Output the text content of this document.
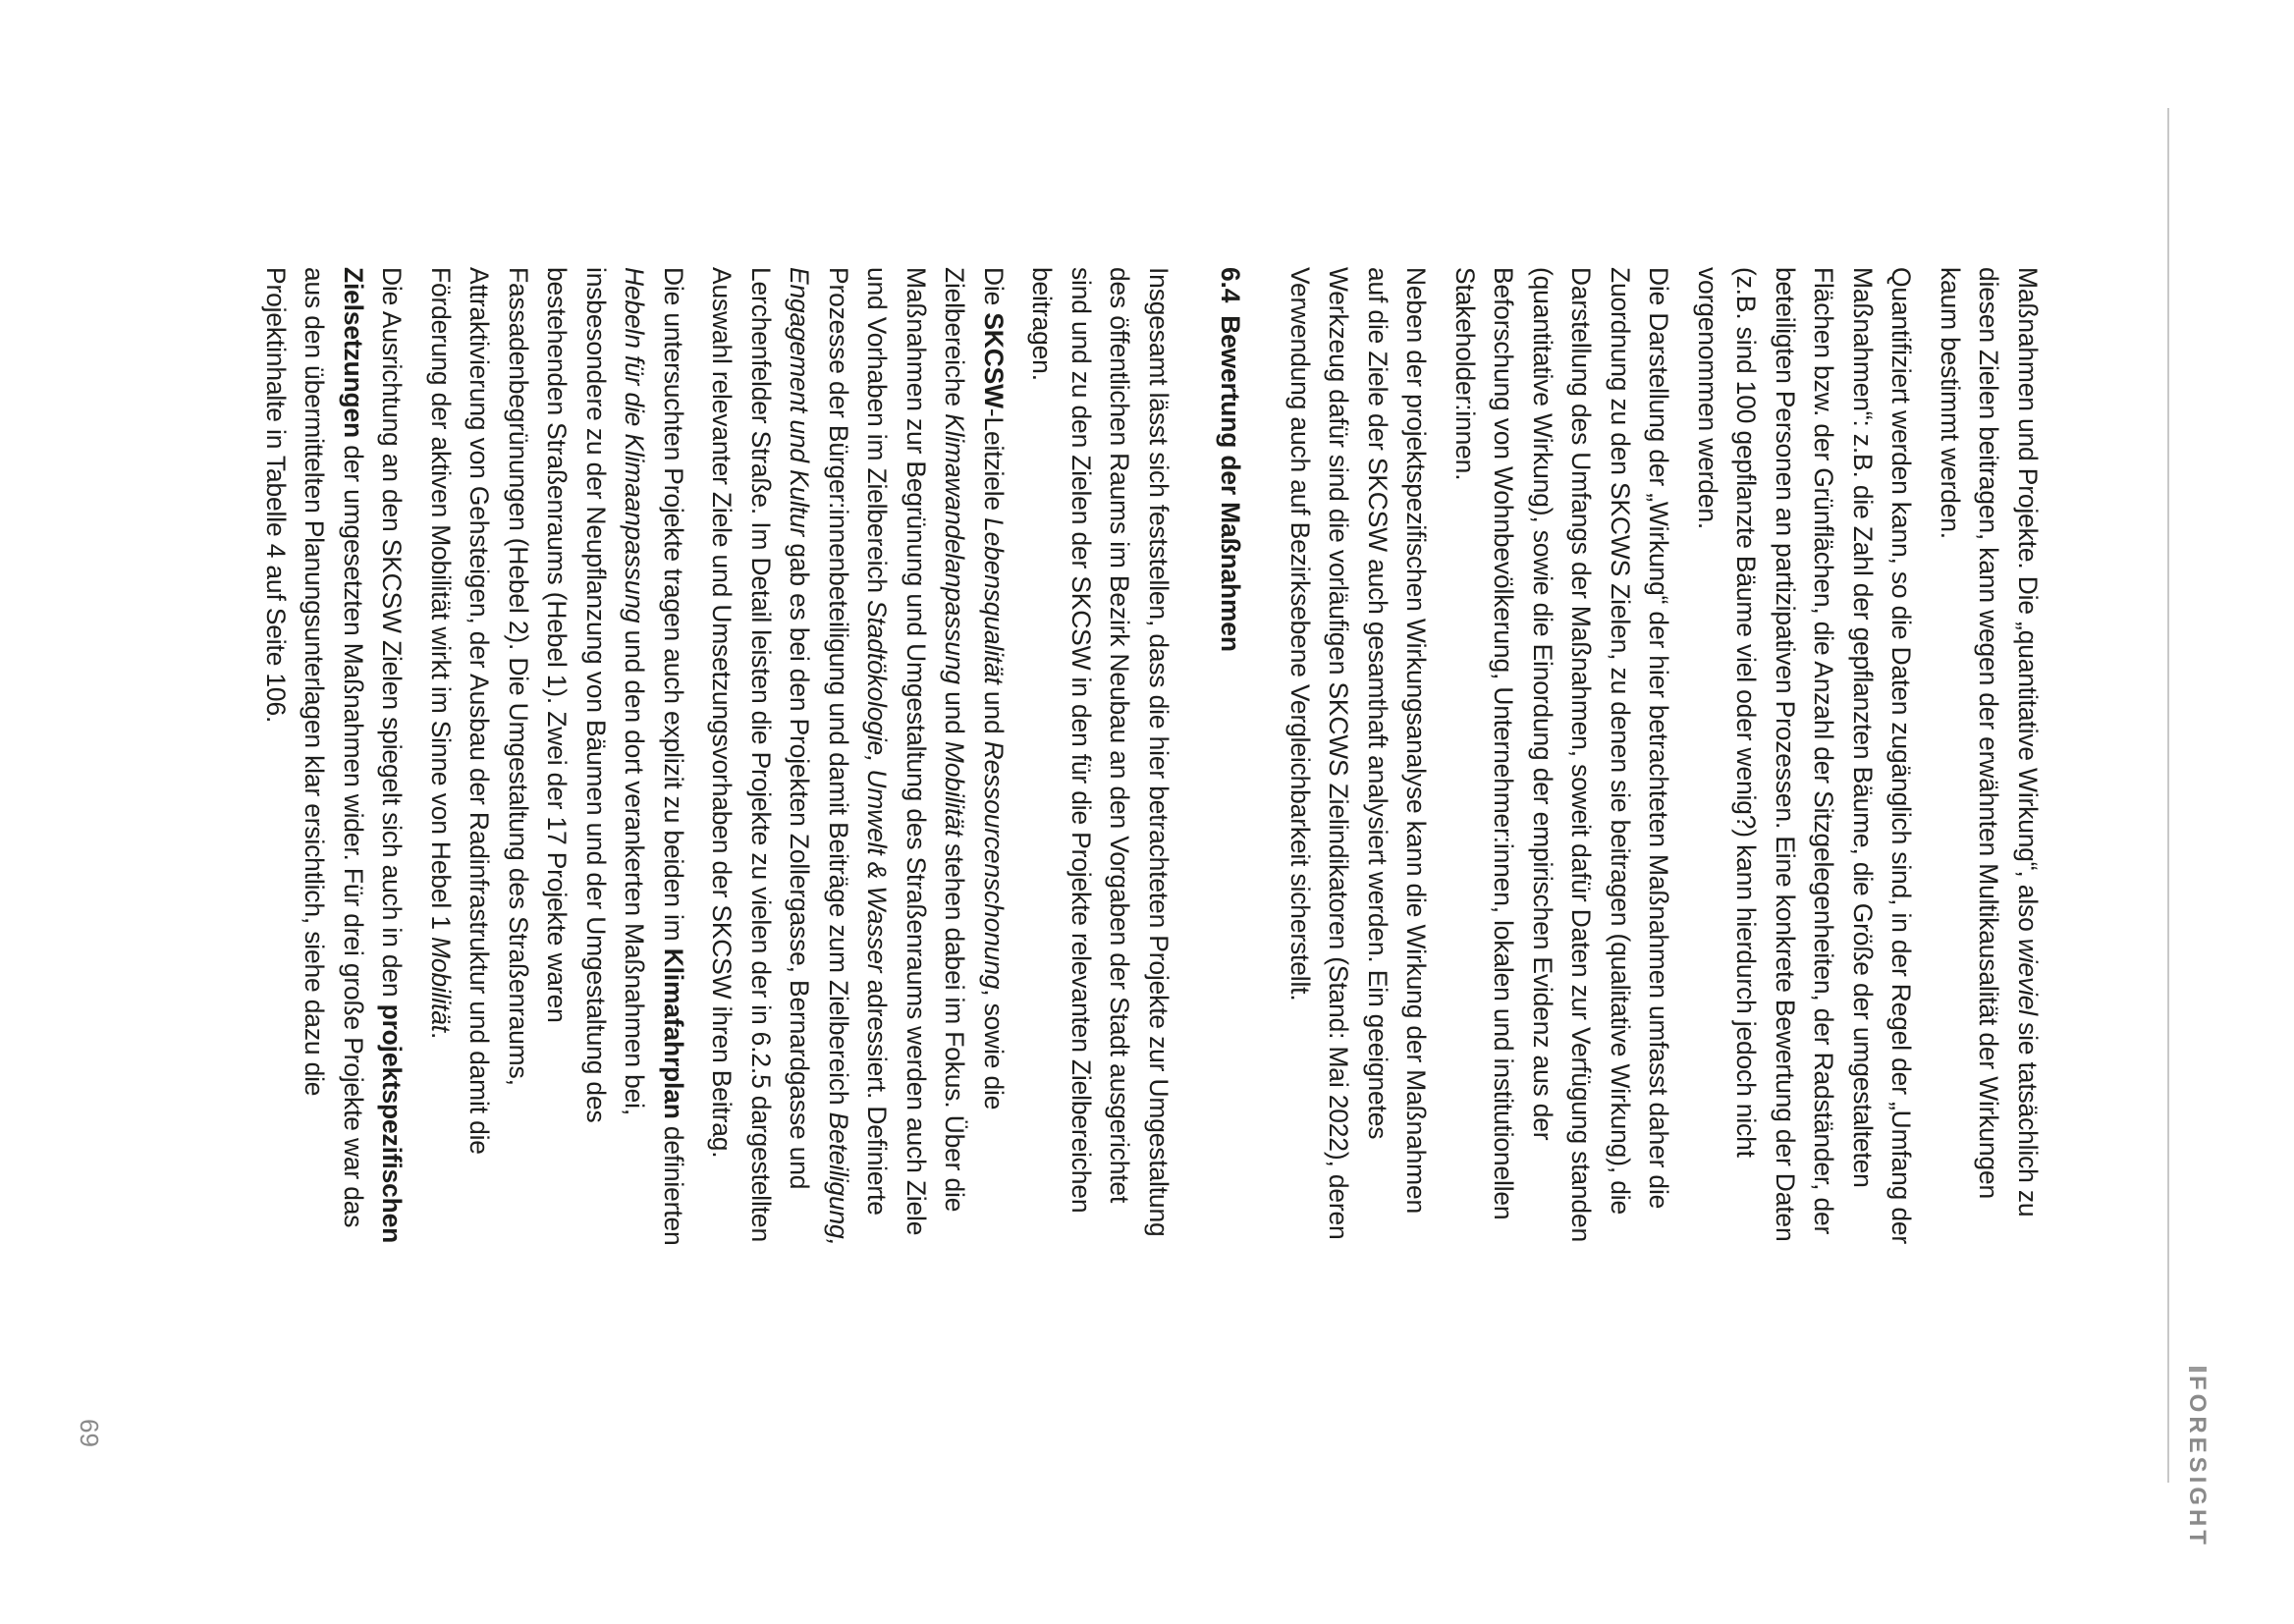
FORESIGHT

Maßnahmen und Projekte. Die „quantitative Wirkung“, also wieviel sie tatsächlich zu diesen Zielen beitragen, kann wegen der erwähnten Multikausalität der Wirkungen kaum bestimmt werden.

Quantifiziert werden kann, so die Daten zugänglich sind, in der Regel der „Umfang der Maßnahmen“: z.B. die Zahl der gepflanzten Bäume, die Größe der umgestalteten Flächen bzw. der Grünflächen, die Anzahl der Sitzgelegenheiten, der Radständer, der beteiligten Personen an partizipativen Prozessen. Eine konkrete Bewertung der Daten (z.B. sind 100 gepflanzte Bäume viel oder wenig?) kann hierdurch jedoch nicht vorgenommen werden.

Die Darstellung der „Wirkung“ der hier betrachteten Maßnahmen umfasst daher die Zuordnung zu den SKCWS Zielen, zu denen sie beitragen (qualitative Wirkung), die Darstellung des Umfangs der Maßnahmen, soweit dafür Daten zur Verfügung standen (quantitative Wirkung), sowie die Einordung der empirischen Evidenz aus der Beforschung von Wohnbevölkerung, Unternehmer:innen, lokalen und institutionellen Stakeholder:innen.

Neben der projektspezifischen Wirkungsanalyse kann die Wirkung der Maßnahmen auf die Ziele der SKCSW auch gesamthaft analysiert werden. Ein geeignetes Werkzeug dafür sind die vorläufigen SKCWS Zielindikatoren (Stand: Mai 2022), deren Verwendung auch auf Bezirksebene Vergleichbarkeit sicherstellt.

6.4 Bewertung der Maßnahmen

Insgesamt lässt sich feststellen, dass die hier betrachteten Projekte zur Umgestaltung des öffentlichen Raums im Bezirk Neubau an den Vorgaben der Stadt ausgerichtet sind und zu den Zielen der SKCSW in den für die Projekte relevanten Zielbereichen beitragen.

Die SKCSW-Leitziele Lebensqualität und Ressourcenschonung, sowie die Zielbereiche Klimawandelanpassung und Mobilität stehen dabei im Fokus. Über die Maßnahmen zur Begrünung und Umgestaltung des Straßenraums werden auch Ziele und Vorhaben im Zielbereich Stadtökologie, Umwelt & Wasser adressiert. Definierte Prozesse der Bürger:innenbeteiligung und damit Beiträge zum Zielbereich Beteiligung, Engagement und Kultur gab es bei den Projekten Zollergasse, Bernardgasse und Lerchenfelder Straße. Im Detail leisten die Projekte zu vielen der in 6.2.5 dargestellten Auswahl relevanter Ziele und Umsetzungsvorhaben der SKCSW ihren Beitrag.

Die untersuchten Projekte tragen auch explizit zu beiden im Klimafahrplan definierten Hebeln für die Klimaanpassung und den dort verankerten Maßnahmen bei, insbesondere zu der Neupflanzung von Bäumen und der Umgestaltung des bestehenden Straßenraums (Hebel 1). Zwei der 17 Projekte waren Fassadenbegrünungen (Hebel 2). Die Umgestaltung des Straßenraums, Attraktivierung von Gehsteigen, der Ausbau der Radinfrastruktur und damit die Förderung der aktiven Mobilität wirkt im Sinne von Hebel 1 Mobilität.

Die Ausrichtung an den SKCSW Zielen spiegelt sich auch in den projektspezifischen Zielsetzungen der umgesetzten Maßnahmen wider. Für drei große Projekte war das aus den übermittelten Planungsunterlagen klar ersichtlich, siehe dazu die Projektinhalte in Tabelle 4 auf Seite 106.

69
